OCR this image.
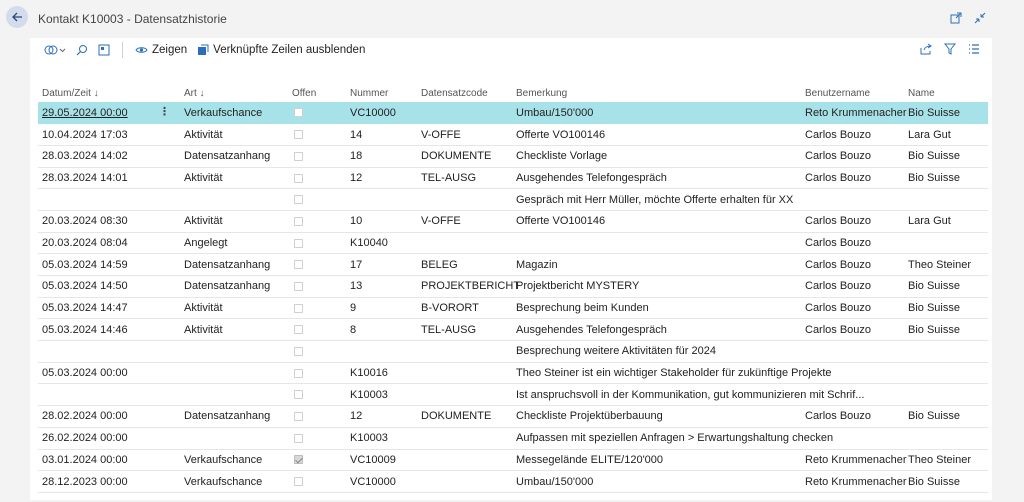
Kontakt K10003 - Datensatzhistorie
Zeigen Verknüpfte Zeilen ausblenden
Datum/Zeit ↓	Art ↓	Offen	Nummer	Datensatzcode	Bemerkung	Benutzername	Name
29.05.2024 00:00 ⋮	Verkaufschance		VC10000		Umbau/150'000	Reto Krummenacher	Bio Suisse
10.04.2024 17:03	Aktivität		14	V-OFFE	Offerte VO100146	Carlos Bouzo	Lara Gut
28.03.2024 14:02	Datensatzanhang		18	DOKUMENTE	Checkliste Vorlage	Carlos Bouzo	Bio Suisse
28.03.2024 14:01	Aktivität		12	TEL-AUSG	Ausgehendes Telefongespräch	Carlos Bouzo	Bio Suisse
					Gespräch mit Herr Müller, möchte Offerte erhalten für XX		
20.03.2024 08:30	Aktivität		10	V-OFFE	Offerte VO100146	Carlos Bouzo	Lara Gut
20.03.2024 08:04	Angelegt		K10040			Carlos Bouzo	
05.03.2024 14:59	Datensatzanhang		17	BELEG	Magazin	Carlos Bouzo	Theo Steiner
05.03.2024 14:50	Datensatzanhang		13	PROJEKTBERICHT	Projektbericht MYSTERY	Carlos Bouzo	Bio Suisse
05.03.2024 14:47	Aktivität		9	B-VORORT	Besprechung beim Kunden	Carlos Bouzo	Bio Suisse
05.03.2024 14:46	Aktivität		8	TEL-AUSG	Ausgehendes Telefongespräch	Carlos Bouzo	Bio Suisse
					Besprechung weitere Aktivitäten für 2024		
05.03.2024 00:00			K10016		Theo Steiner ist ein wichtiger Stakeholder für zukünftige Projekte		
			K10003		Ist anspruchsvoll in der Kommunikation, gut kommunizieren mit Schrif...		
28.02.2024 00:00	Datensatzanhang		12	DOKUMENTE	Checkliste Projektüberbauung	Carlos Bouzo	Bio Suisse
26.02.2024 00:00			K10003		Aufpassen mit speziellen Anfragen > Erwartungshaltung checken		
03.01.2024 00:00	Verkaufschance		VC10009		Messegelände ELITE/120'000	Reto Krummenacher	Theo Steiner
28.12.2023 00:00	Verkaufschance		VC10000		Umbau/150'000	Reto Krummenacher	Bio Suisse
